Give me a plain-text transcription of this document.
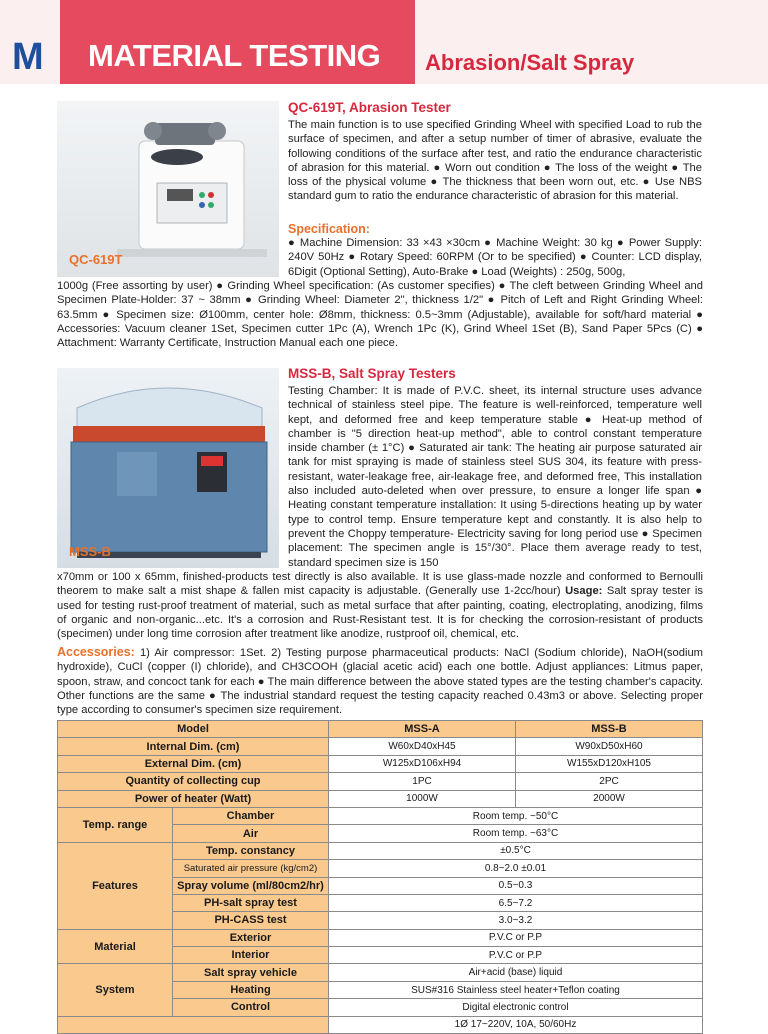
M MATERIAL TESTING Abrasion/Salt Spray
QC-619T
QC-619T, Abrasion Tester
The main function is to use specified Grinding Wheel with specified Load to rub the surface of specimen, and after a setup number of timer of abrasive, evaluate the following conditions of the surface after test, and ratio the endurance characteristic of abrasion for this material. ● Worn out condition ● The loss of the weight ● The loss of the physical volume ● The thickness that been worn out, etc. ● Use NBS standard gum to ratio the endurance characteristic of abrasion for this material.
Specification:
● Machine Dimension: 33 ×43 ×30cm ● Machine Weight: 30 kg ● Power Supply: 240V 50Hz ● Rotary Speed: 60RPM (Or to be specified) ● Counter: LCD display, 6Digit (Optional Setting), Auto-Brake ● Load (Weights) : 250g, 500g,
1000g (Free assorting by user) ● Grinding Wheel specification: (As customer specifies) ● The cleft between Grinding Wheel and Specimen Plate-Holder: 37 ~ 38mm ● Grinding Wheel: Diameter 2", thickness 1/2" ● Pitch of Left and Right Grinding Wheel: 63.5mm ● Specimen size: Ø100mm, center hole: Ø8mm, thickness: 0.5~3mm (Adjustable), available for soft/hard material ● Accessories: Vacuum cleaner 1Set, Specimen cutter 1Pc (A), Wrench 1Pc (K), Grind Wheel 1Set (B), Sand Paper 5Pcs (C) ● Attachment: Warranty Certificate, Instruction Manual each one piece.
MSS-B
MSS-B, Salt Spray Testers
Testing Chamber: It is made of P.V.C. sheet, its internal structure uses advance technical of stainless steel pipe. The feature is well-reinforced, temperature well kept, and deformed free and keep temperature stable ● Heat-up method of chamber is "5 direction heat-up method", able to control constant temperature inside chamber (± 1°C) ● Saturated air tank: The heating air purpose saturated air tank for mist spraying is made of stainless steel SUS 304, its feature with press-resistant, water-leakage free, air-leakage free, and deformed free, This installation also included auto-deleted when over pressure, to ensure a longer life span ● Heating constant temperature installation: It using 5-directions heating up by water type to control temp. Ensure temperature kept and constantly. It is also help to prevent the Choppy temperature- Electricity saving for long period use ● Specimen placement: The specimen angle is 15°/30°. Place them average ready to test, standard specimen size is 150
x70mm or 100 x 65mm, finished-products test directly is also available. It is use glass-made nozzle and conformed to Bernoulli theorem to make salt a mist shape & fallen mist capacity is adjustable. (Generally use 1-2cc/hour) Usage: Salt spray tester is used for testing rust-proof treatment of material, such as metal surface that after painting, coating, electroplating, anodizing, films of organic and non-organic...etc. It's a corrosion and Rust-Resistant test. It is for checking the corrosion-resistant of products (specimen) under long time corrosion after treatment like anodize, rustproof oil, chemical, etc.
Accessories: 1) Air compressor: 1Set. 2) Testing purpose pharmaceutical products: NaCl (Sodium chloride), NaOH(sodium hydroxide), CuCl (copper (I) chloride), and CH3COOH (glacial acetic acid) each one bottle. Adjust appliances: Litmus paper, spoon, straw, and concoct tank for each ● The main difference between the above stated types are the testing chamber's capacity. Other functions are the same ● The industrial standard request the testing capacity reached 0.43m3 or above. Selecting proper type according to consumer's specimen size requirement.
Model		MSS-A	MSS-B
Internal Dim. (cm)		W60xD40xH45	W90xD50xH60
External Dim. (cm)		W125xD106xH94	W155xD120xH105
Quantity of collecting cup		1PC	2PC
Power of heater (Watt)		1000W	2000W
Temp. range	Chamber	Room temp. ~50°C	
	Air	Room temp. ~63°C	
Features	Temp. constancy	±0.5°C	
	Saturated air pressure (kg/cm2)	0.8~2.0 ±0.01	
	Spray volume (ml/80cm2/hr)	0.5~0.3	
	PH-salt spray test	6.5~7.2	
	PH-CASS test	3.0~3.2	
Material	Exterior	P.V.C or P.P	
	Interior	P.V.C or P.P	
System	Salt spray vehicle	Air+acid (base) liquid	
	Heating	SUS#316 Stainless steel heater+Teflon coating	
	Control	Digital electronic control	
		1Ø 17~220V, 10A, 50/60Hz	
